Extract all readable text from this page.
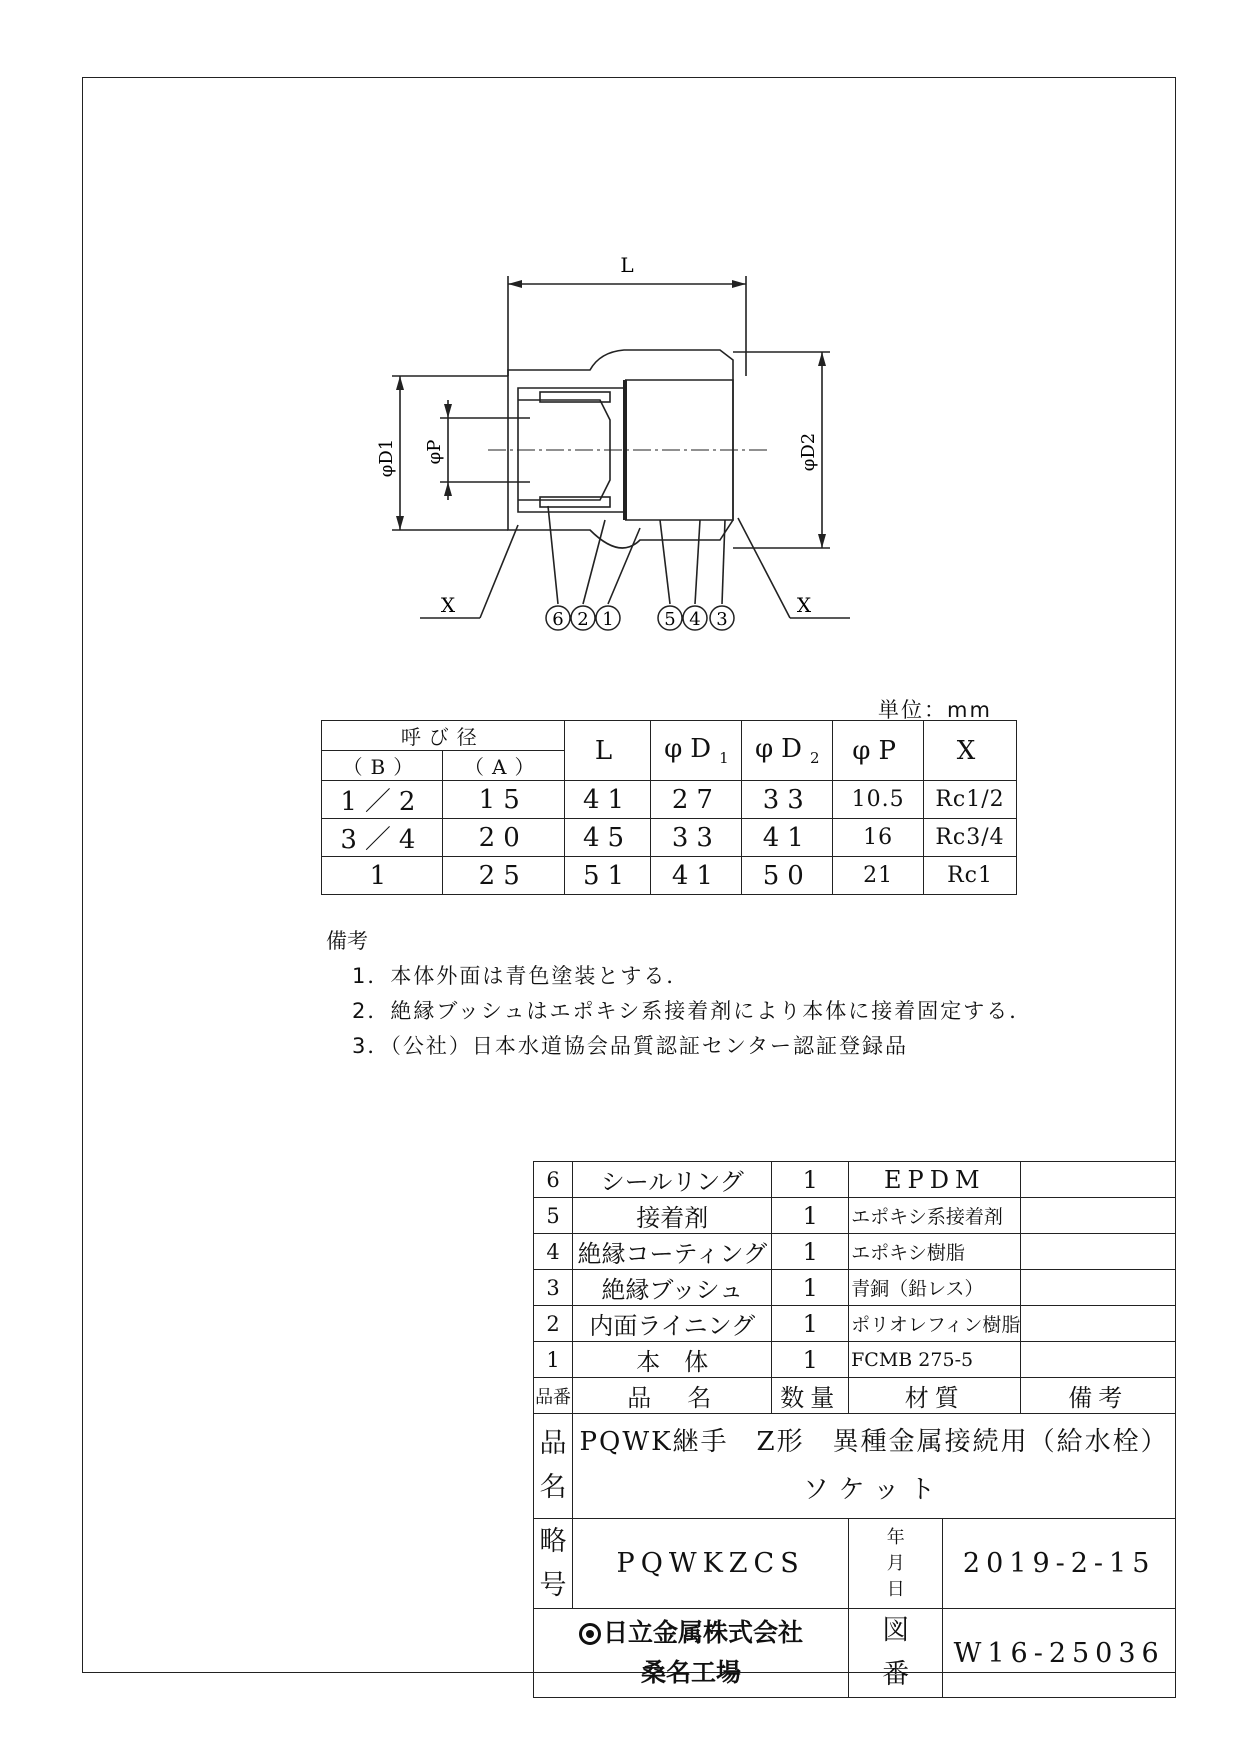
L
φD1 φP	φD2
X	X
6 2 1	5 4 3
単位：mm
呼び径		L	$\varphi D_1$	$\varphi D_2$	φP	X
（B）	（A）					
1／2	15	41	27	33	10.5	Rc1/2
3／4	20	45	33	41	16	Rc3/4
1	25	51	41	50	21	Rc1
備考
1．本体外面は青色塗装とする．
2．絶縁ブッシュはエポキシ系接着剤により本体に接着固定する．
3．（公社）日本水道協会品質認証センター認証登録品
6	シールリング	1	EPDM		
5	接着剤	1	エポキシ系接着剤		
4	絶縁コーティング	1	エポキシ樹脂		
3	絶縁ブッシュ	1	青銅（鉛レス）		
2	内面ライニング	1	ポリオレフィン樹脂		
1	本　体	1	FCMB 275-5		
品番	品　名	数量	材質		備考

品名	PQWK継手　Z形　異種金属接続用（給水栓）
ソケット				

略号	PQWKZCS		年月日	2019-2-15	

日立金属株式会社
桑名工場			図番	W16-25036	
